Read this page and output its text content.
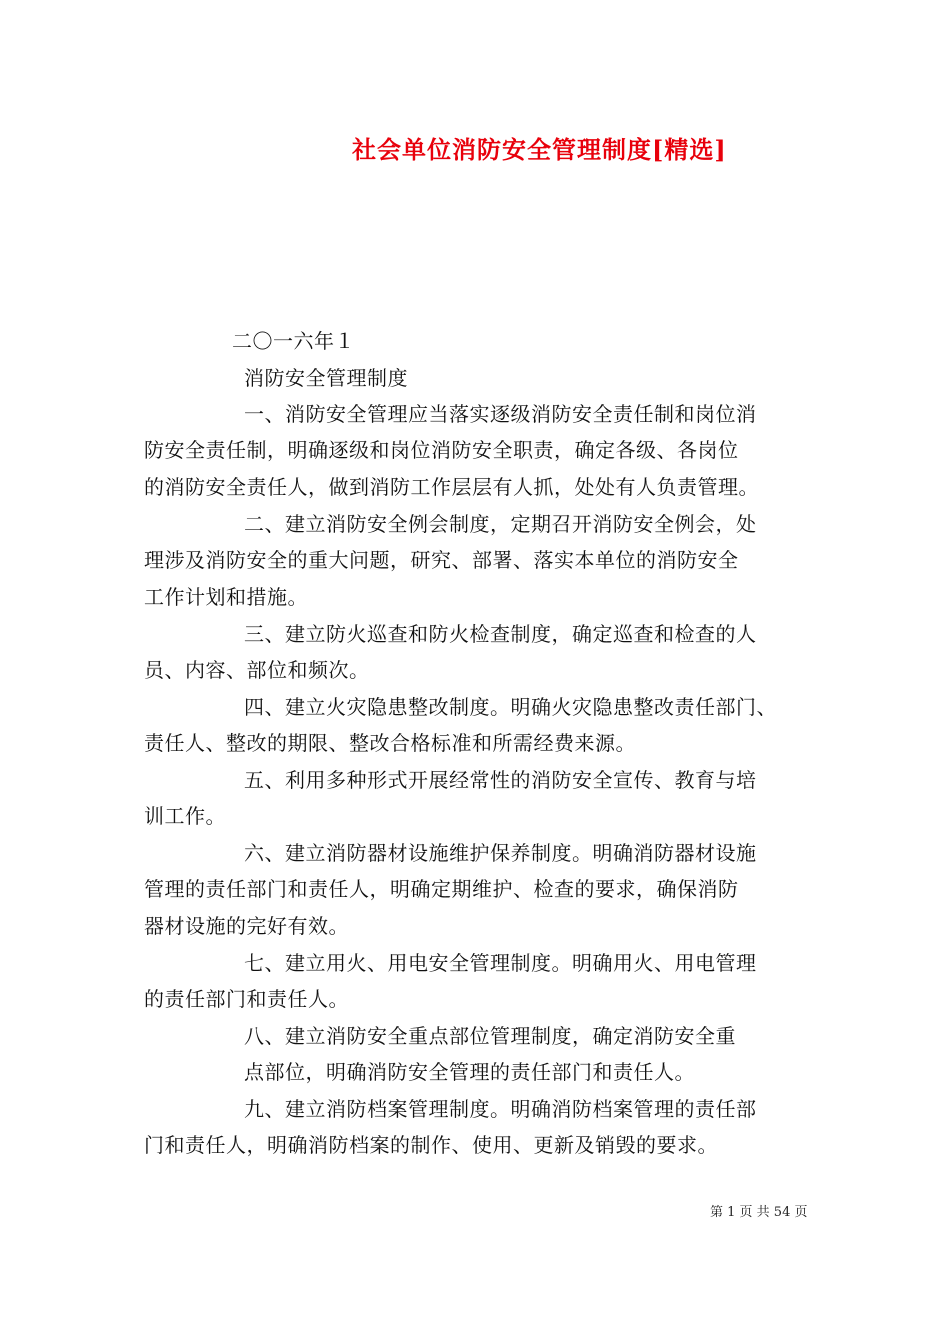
社会单位消防安全管理制度[精选]
二〇一六年１
消防安全管理制度
一、消防安全管理应当落实逐级消防安全责任制和岗位消
防安全责任制，明确逐级和岗位消防安全职责，确定各级、各岗位
的消防安全责任人，做到消防工作层层有人抓，处处有人负责管理。
二、建立消防安全例会制度，定期召开消防安全例会，处
理涉及消防安全的重大问题，研究、部署、落实本单位的消防安全
工作计划和措施。
三、建立防火巡查和防火检查制度，确定巡查和检查的人
员、内容、部位和频次。
四、建立火灾隐患整改制度。明确火灾隐患整改责任部门、
责任人、整改的期限、整改合格标准和所需经费来源。
五、利用多种形式开展经常性的消防安全宣传、教育与培
训工作。
六、建立消防器材设施维护保养制度。明确消防器材设施
管理的责任部门和责任人，明确定期维护、检查的要求，确保消防
器材设施的完好有效。
七、建立用火、用电安全管理制度。明确用火、用电管理
的责任部门和责任人。
八、建立消防安全重点部位管理制度，确定消防安全重
点部位，明确消防安全管理的责任部门和责任人。
九、建立消防档案管理制度。明确消防档案管理的责任部
门和责任人，明确消防档案的制作、使用、更新及销毁的要求。
第 1 页 共 54 页
